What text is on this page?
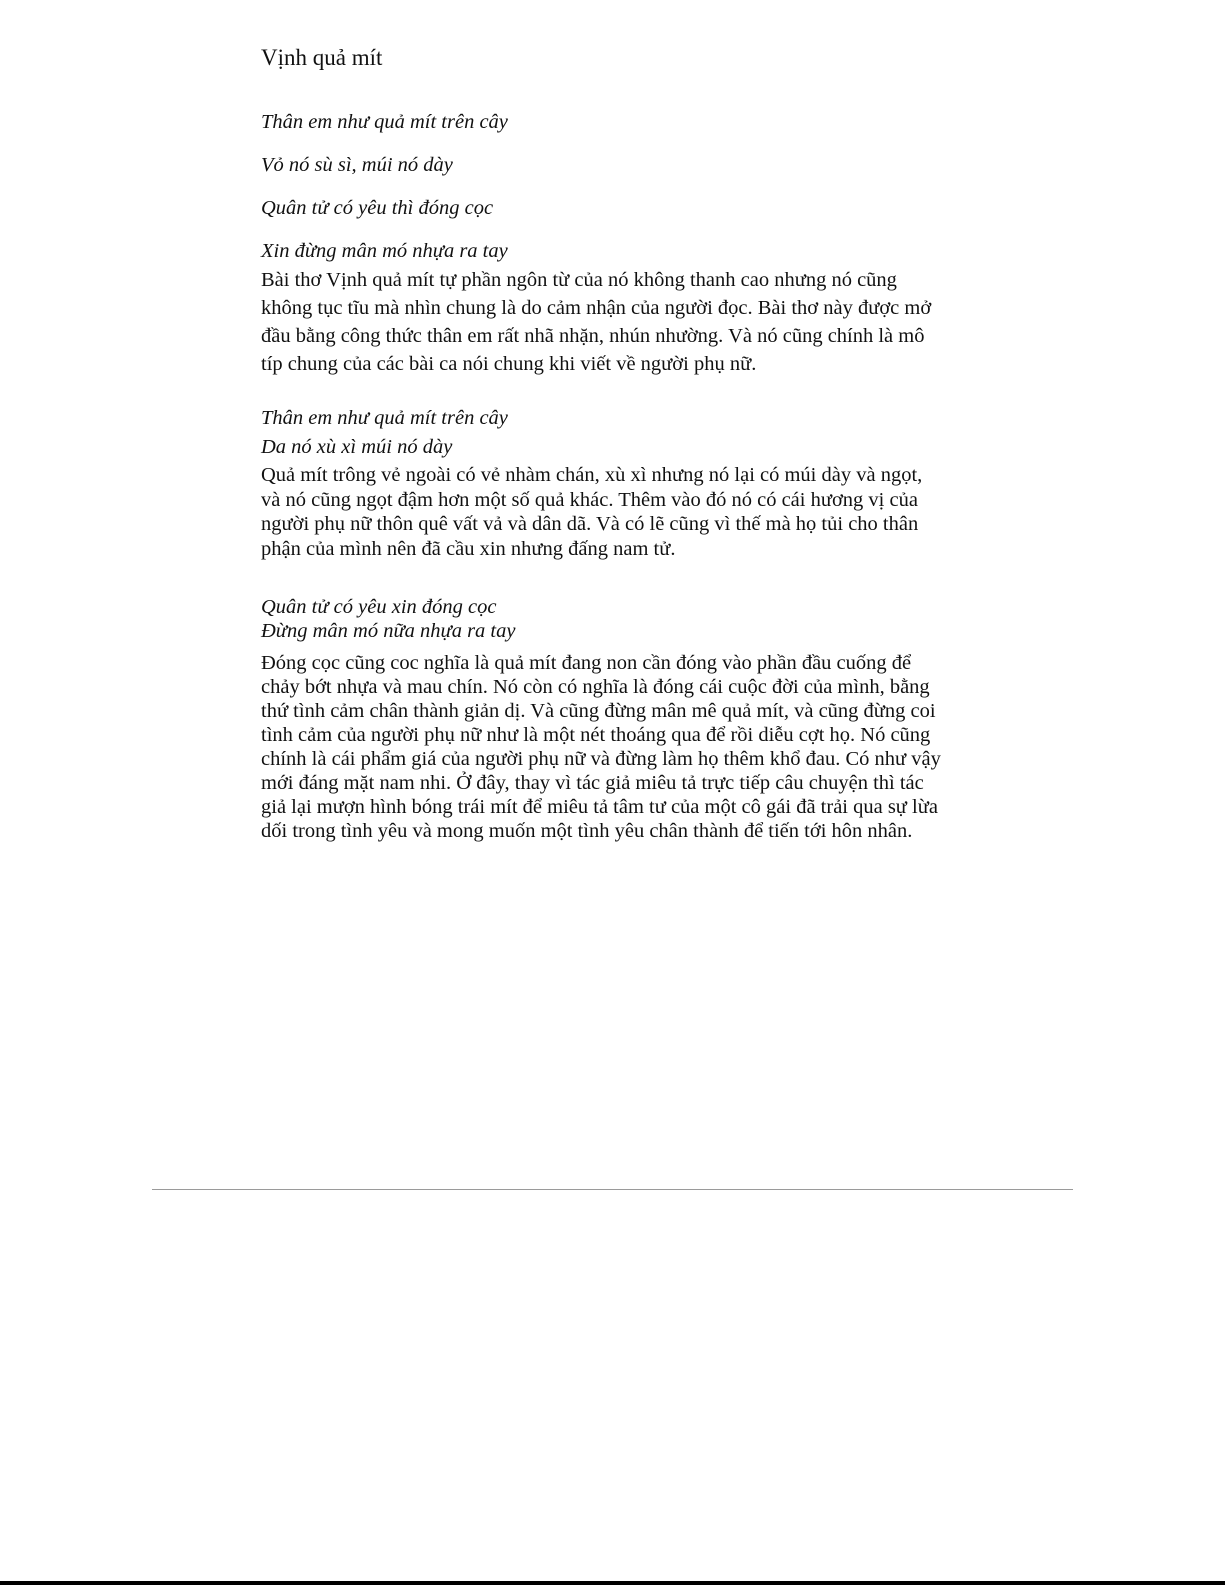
Vịnh quả mít

Thân em như quả mít trên cây

Vỏ nó sù sì, múi nó dày

Quân tử có yêu thì đóng cọc

Xin đừng mân mó nhựa ra tay

Bài thơ Vịnh quả mít tự phần ngôn từ của nó không thanh cao nhưng nó cũng
không tục tĩu mà nhìn chung là do cảm nhận của người đọc. Bài thơ này được mở
đầu bằng công thức thân em rất nhã nhặn, nhún nhường. Và nó cũng chính là mô
típ chung của các bài ca nói chung khi viết về người phụ nữ.

Thân em như quả mít trên cây

Da nó xù xì múi nó dày

Quả mít trông vẻ ngoài có vẻ nhàm chán, xù xì nhưng nó lại có múi dày và ngọt,
và nó cũng ngọt đậm hơn một số quả khác. Thêm vào đó nó có cái hương vị của
người phụ nữ thôn quê vất vả và dân dã. Và có lẽ cũng vì thế mà họ tủi cho thân
phận của mình nên đã cầu xin nhưng đấng nam tử.

Quân tử có yêu xin đóng cọc

Đừng mân mó nữa nhựa ra tay

Đóng cọc cũng coc nghĩa là quả mít đang non cần đóng vào phần đầu cuống để
chảy bớt nhựa và mau chín. Nó còn có nghĩa là đóng cái cuộc đời của mình, bằng
thứ tình cảm chân thành giản dị. Và cũng đừng mân mê quả mít, và cũng đừng coi
tình cảm của người phụ nữ như là một nét thoáng qua để rồi diễu cợt họ. Nó cũng
chính là cái phẩm giá của người phụ nữ và đừng làm họ thêm khổ đau. Có như vậy
mới đáng mặt nam nhi. Ở đây, thay vì tác giả miêu tả trực tiếp câu chuyện thì tác
giả lại mượn hình bóng trái mít để miêu tả tâm tư của một cô gái đã trải qua sự lừa
dối trong tình yêu và mong muốn một tình yêu chân thành để tiến tới hôn nhân.
